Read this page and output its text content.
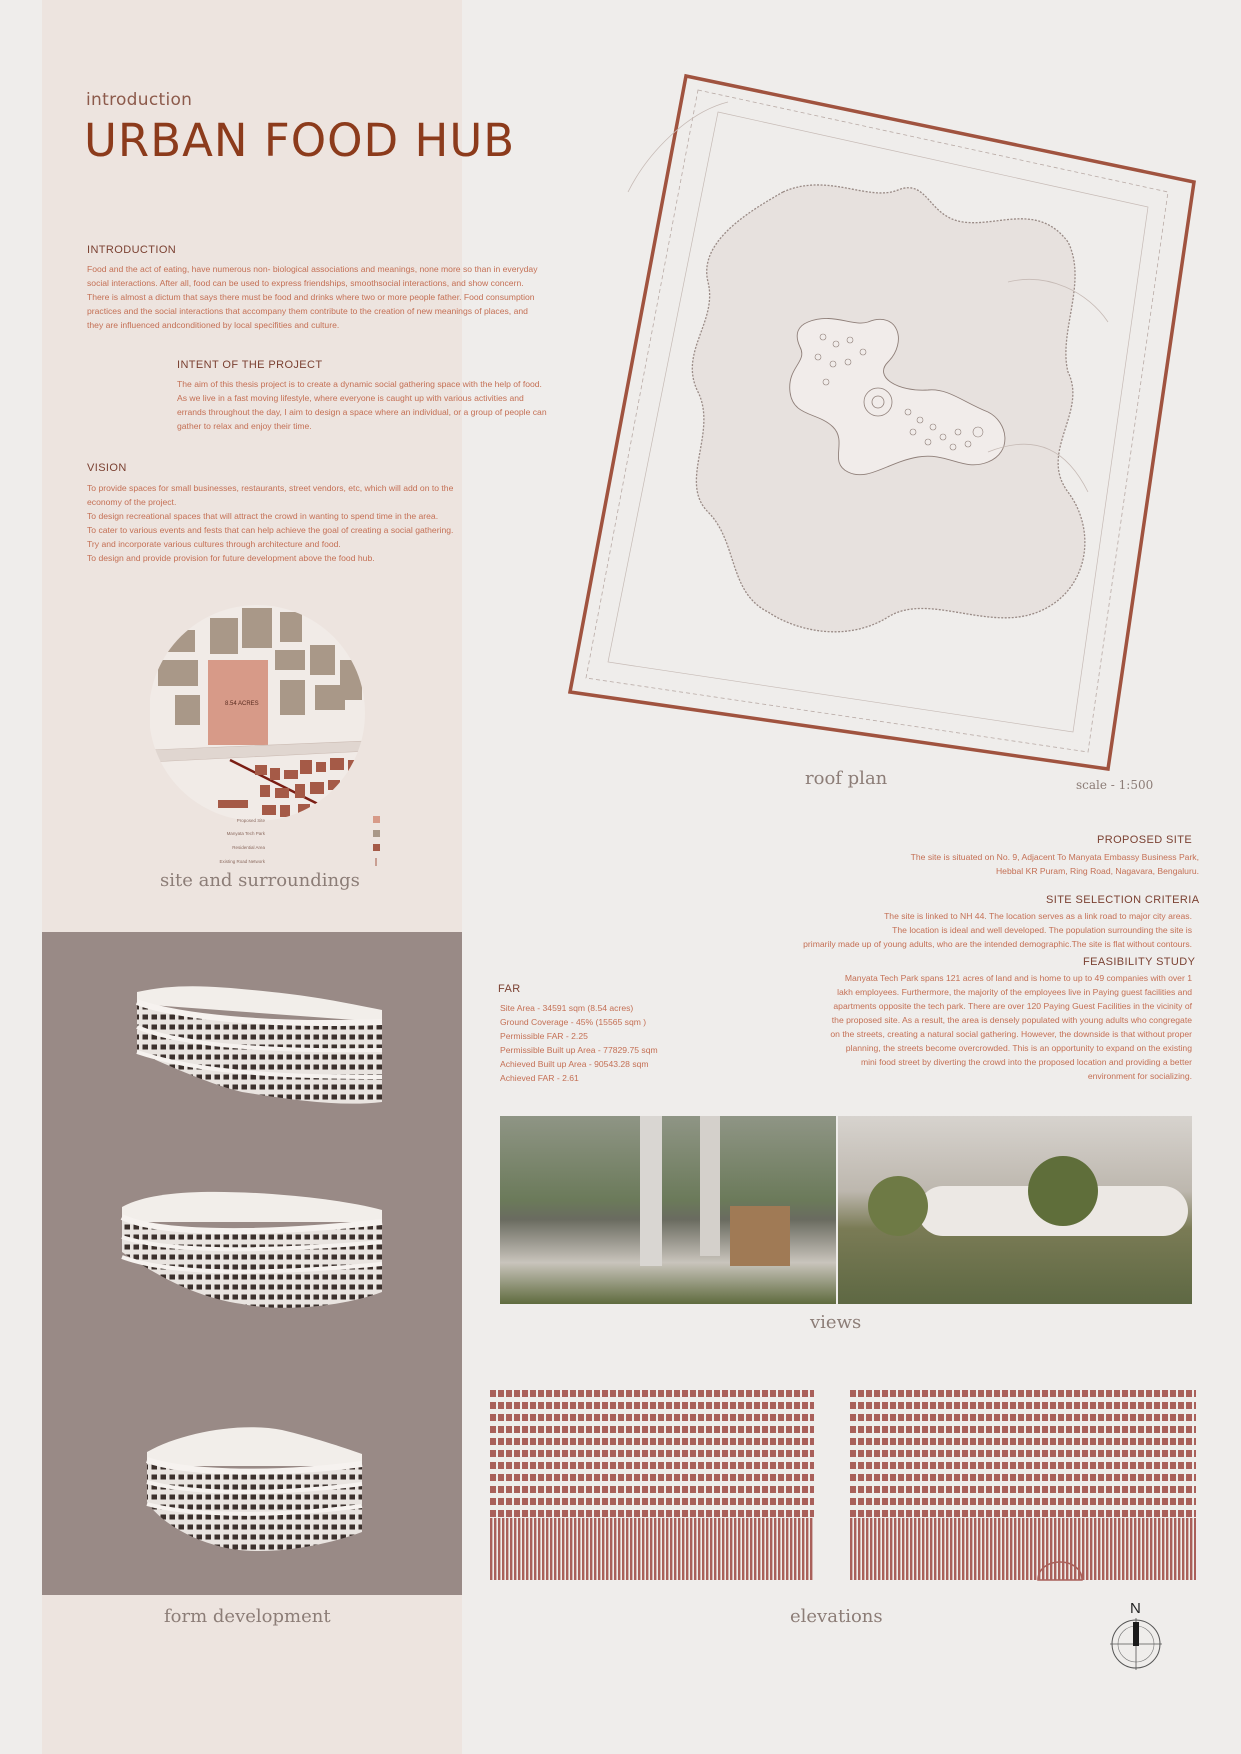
introduction
URBAN FOOD HUB
INTRODUCTION
Food and the act of eating, have numerous non- biological associations and meanings, none more so than in everyday
social interactions. After all, food can be used to express friendships, smoothsocial interactions, and show concern.
There is almost a dictum that says there must be food and drinks where two or more people father. Food consumption
practices and the social interactions that accompany them contribute to the creation of new meanings of places, and
they are influenced andconditioned by local specifities and culture.
INTENT OF THE PROJECT
The aim of this thesis project is to create a dynamic social gathering space with the help of food.
As we live in a fast moving lifestyle, where everyone is caught up with various activities and
errands throughout the day, I aim to design a space where an individual, or a group of people can
gather to relax and enjoy their time.
VISION
To provide spaces for small businesses, restaurants, street vendors, etc, which will add on to the
economy of the project.
To design recreational spaces that will attract the crowd in wanting to spend time in the area.
To cater to various events and fests that can help achieve the goal of creating a social gathering.
Try and incorporate various cultures through architecture and food.
To design and provide provision for future development above the food hub.
8.54 ACRES
Proposed Site
Manyata Tech Park
Residential Area
Existing Road Network
site and surroundings
roof plan	scale - 1:500
PROPOSED SITE
The site is situated on No. 9, Adjacent To Manyata Embassy Business Park,
Hebbal KR Puram, Ring Road, Nagavara, Bengaluru.
SITE SELECTION CRITERIA
The site is linked to NH 44. The location serves as a link road to major city areas.
The location is ideal and well developed. The population surrounding the site is
primarily made up of young adults, who are the intended demographic.The site is flat without contours.
FEASIBILITY STUDY
Manyata Tech Park spans 121 acres of land and is home to up to 49 companies with over 1
lakh employees. Furthermore, the majority of the employees live in Paying guest facilities and
apartments opposite the tech park. There are over 120 Paying Guest Facilities in the vicinity of
the proposed site. As a result, the area is densely populated with young adults who congregate
on the streets, creating a natural social gathering. However, the downside is that without proper
planning, the streets become overcrowded. This is an opportunity to expand on the existing
mini food street by diverting the crowd into the proposed location and providing a better
environment for socializing.
FAR
Site Area - 34591 sqm (8.54 acres)
Ground Coverage - 45% (15565 sqm )
Permissible FAR - 2.25
Permissible Built up Area - 77829.75 sqm
Achieved Built up Area - 90543.28 sqm
Achieved FAR - 2.61
form development
views
elevations	N
